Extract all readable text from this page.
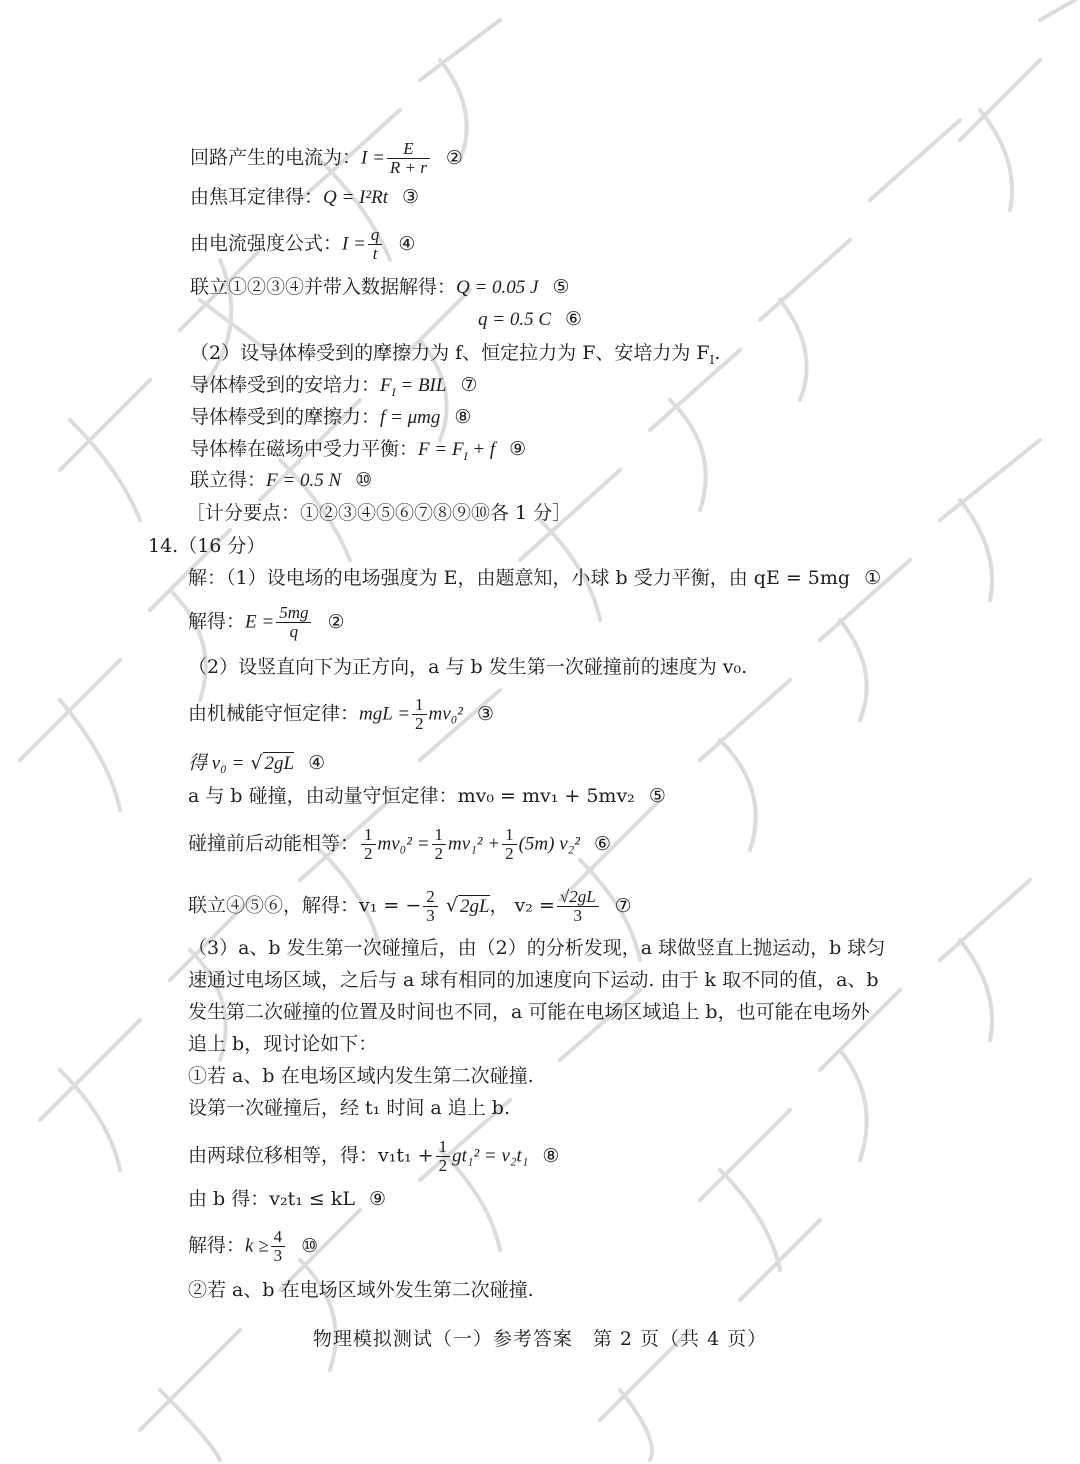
回路产生的电流为：$I = \frac{E}{R + r}$ ②
由焦耳定律得：Q = I²Rt ③
由电流强度公式：$I = \frac{q}{t}$ ④
联立①②③④并带入数据解得：Q = 0.05 J ⑤
q = 0.5 C ⑥
（2）设导体棒受到的摩擦力为 f、恒定拉力为 F、安培力为 $F_I$.
导体棒受到的安培力：$F_I$ = BIL ⑦
导体棒受到的摩擦力：f = μmg ⑧
导体棒在磁场中受力平衡：$F = F_I + f$ ⑨
联立得：F = 0.5 N ⑩
［计分要点：①②③④⑤⑥⑦⑧⑨⑩各 1 分］
14.（16 分）
解：（1）设电场的电场强度为 E，由题意知，小球 b 受力平衡，由 qE = 5mg ①
解得：$E = \frac{5mg}{q}$ ②
（2）设竖直向下为正方向，a 与 b 发生第一次碰撞前的速度为 v₀.
由机械能守恒定律：mgL = $\frac{1}{2} mv_0^2$ ③
得 v₀ = √ 2gL ④
a 与 b 碰撞，由动量守恒定律：mv₀ = mv₁ + 5mv₂ ⑤
碰撞前后动能相等： $\frac{1}{2} mv_0^2 = \frac{1}{2} mv_1^2 + \frac{1}{2} (5m)$ v₂² ⑥
联立④⑤⑥，解得：v₁ = − $\frac{2}{3}$ √ 2gL， $v_2 = \frac{√2gL}{3}$ ⑦
（3）a、b 发生第一次碰撞后，由（2）的分析发现，a 球做竖直上抛运动，b 球匀
速通过电场区域，之后与 a 球有相同的加速度向下运动. 由于 k 取不同的值，a、b
发生第二次碰撞的位置及时间也不同，a 可能在电场区域追上 b，也可能在电场外
追上 b，现讨论如下：
①若 a、b 在电场区域内发生第二次碰撞.
设第一次碰撞后，经 t₁ 时间 a 追上 b.
由两球位移相等，得：$v_1t_1 + \frac{1}{2} gt_1^2 = v_2t_1$ ⑧
由 b 得：v₂t₁ ≤ kL ⑨
解得：$k \ge \frac{4}{3}$ ⑩
②若 a、b 在电场区域外发生第二次碰撞.
物理模拟测试（一）参考答案　第 2 页（共 4 页）
